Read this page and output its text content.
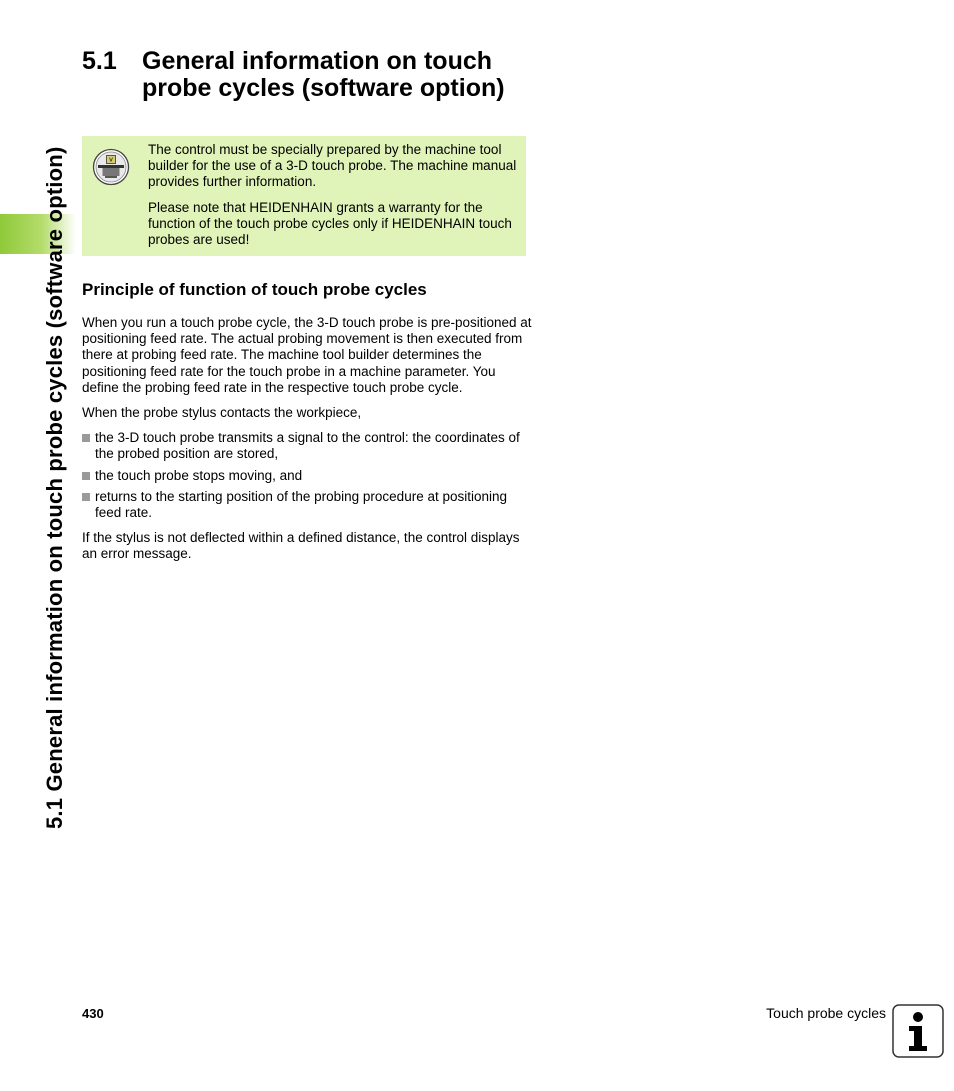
5.1 General information on touch probe cycles (software option)
5.1 General information on touch
probe cycles (software option)

The control must be specially prepared by the machine tool builder for the use of a 3-D touch probe. The machine manual provides further information.

Please note that HEIDENHAIN grants a warranty for the function of the touch probe cycles only if HEIDENHAIN touch probes are used!

Principle of function of touch probe cycles

When you run a touch probe cycle, the 3-D touch probe is pre-positioned at positioning feed rate. The actual probing movement is then executed from there at probing feed rate. The machine tool builder determines the positioning feed rate for the touch probe in a machine parameter. You define the probing feed rate in the respective touch probe cycle.

When the probe stylus contacts the workpiece,

the 3-D touch probe transmits a signal to the control: the coordinates of the probed position are stored,
the touch probe stops moving, and
returns to the starting position of the probing procedure at positioning feed rate.

If the stylus is not deflected within a defined distance, the control displays an error message.

430	Touch probe cycles
